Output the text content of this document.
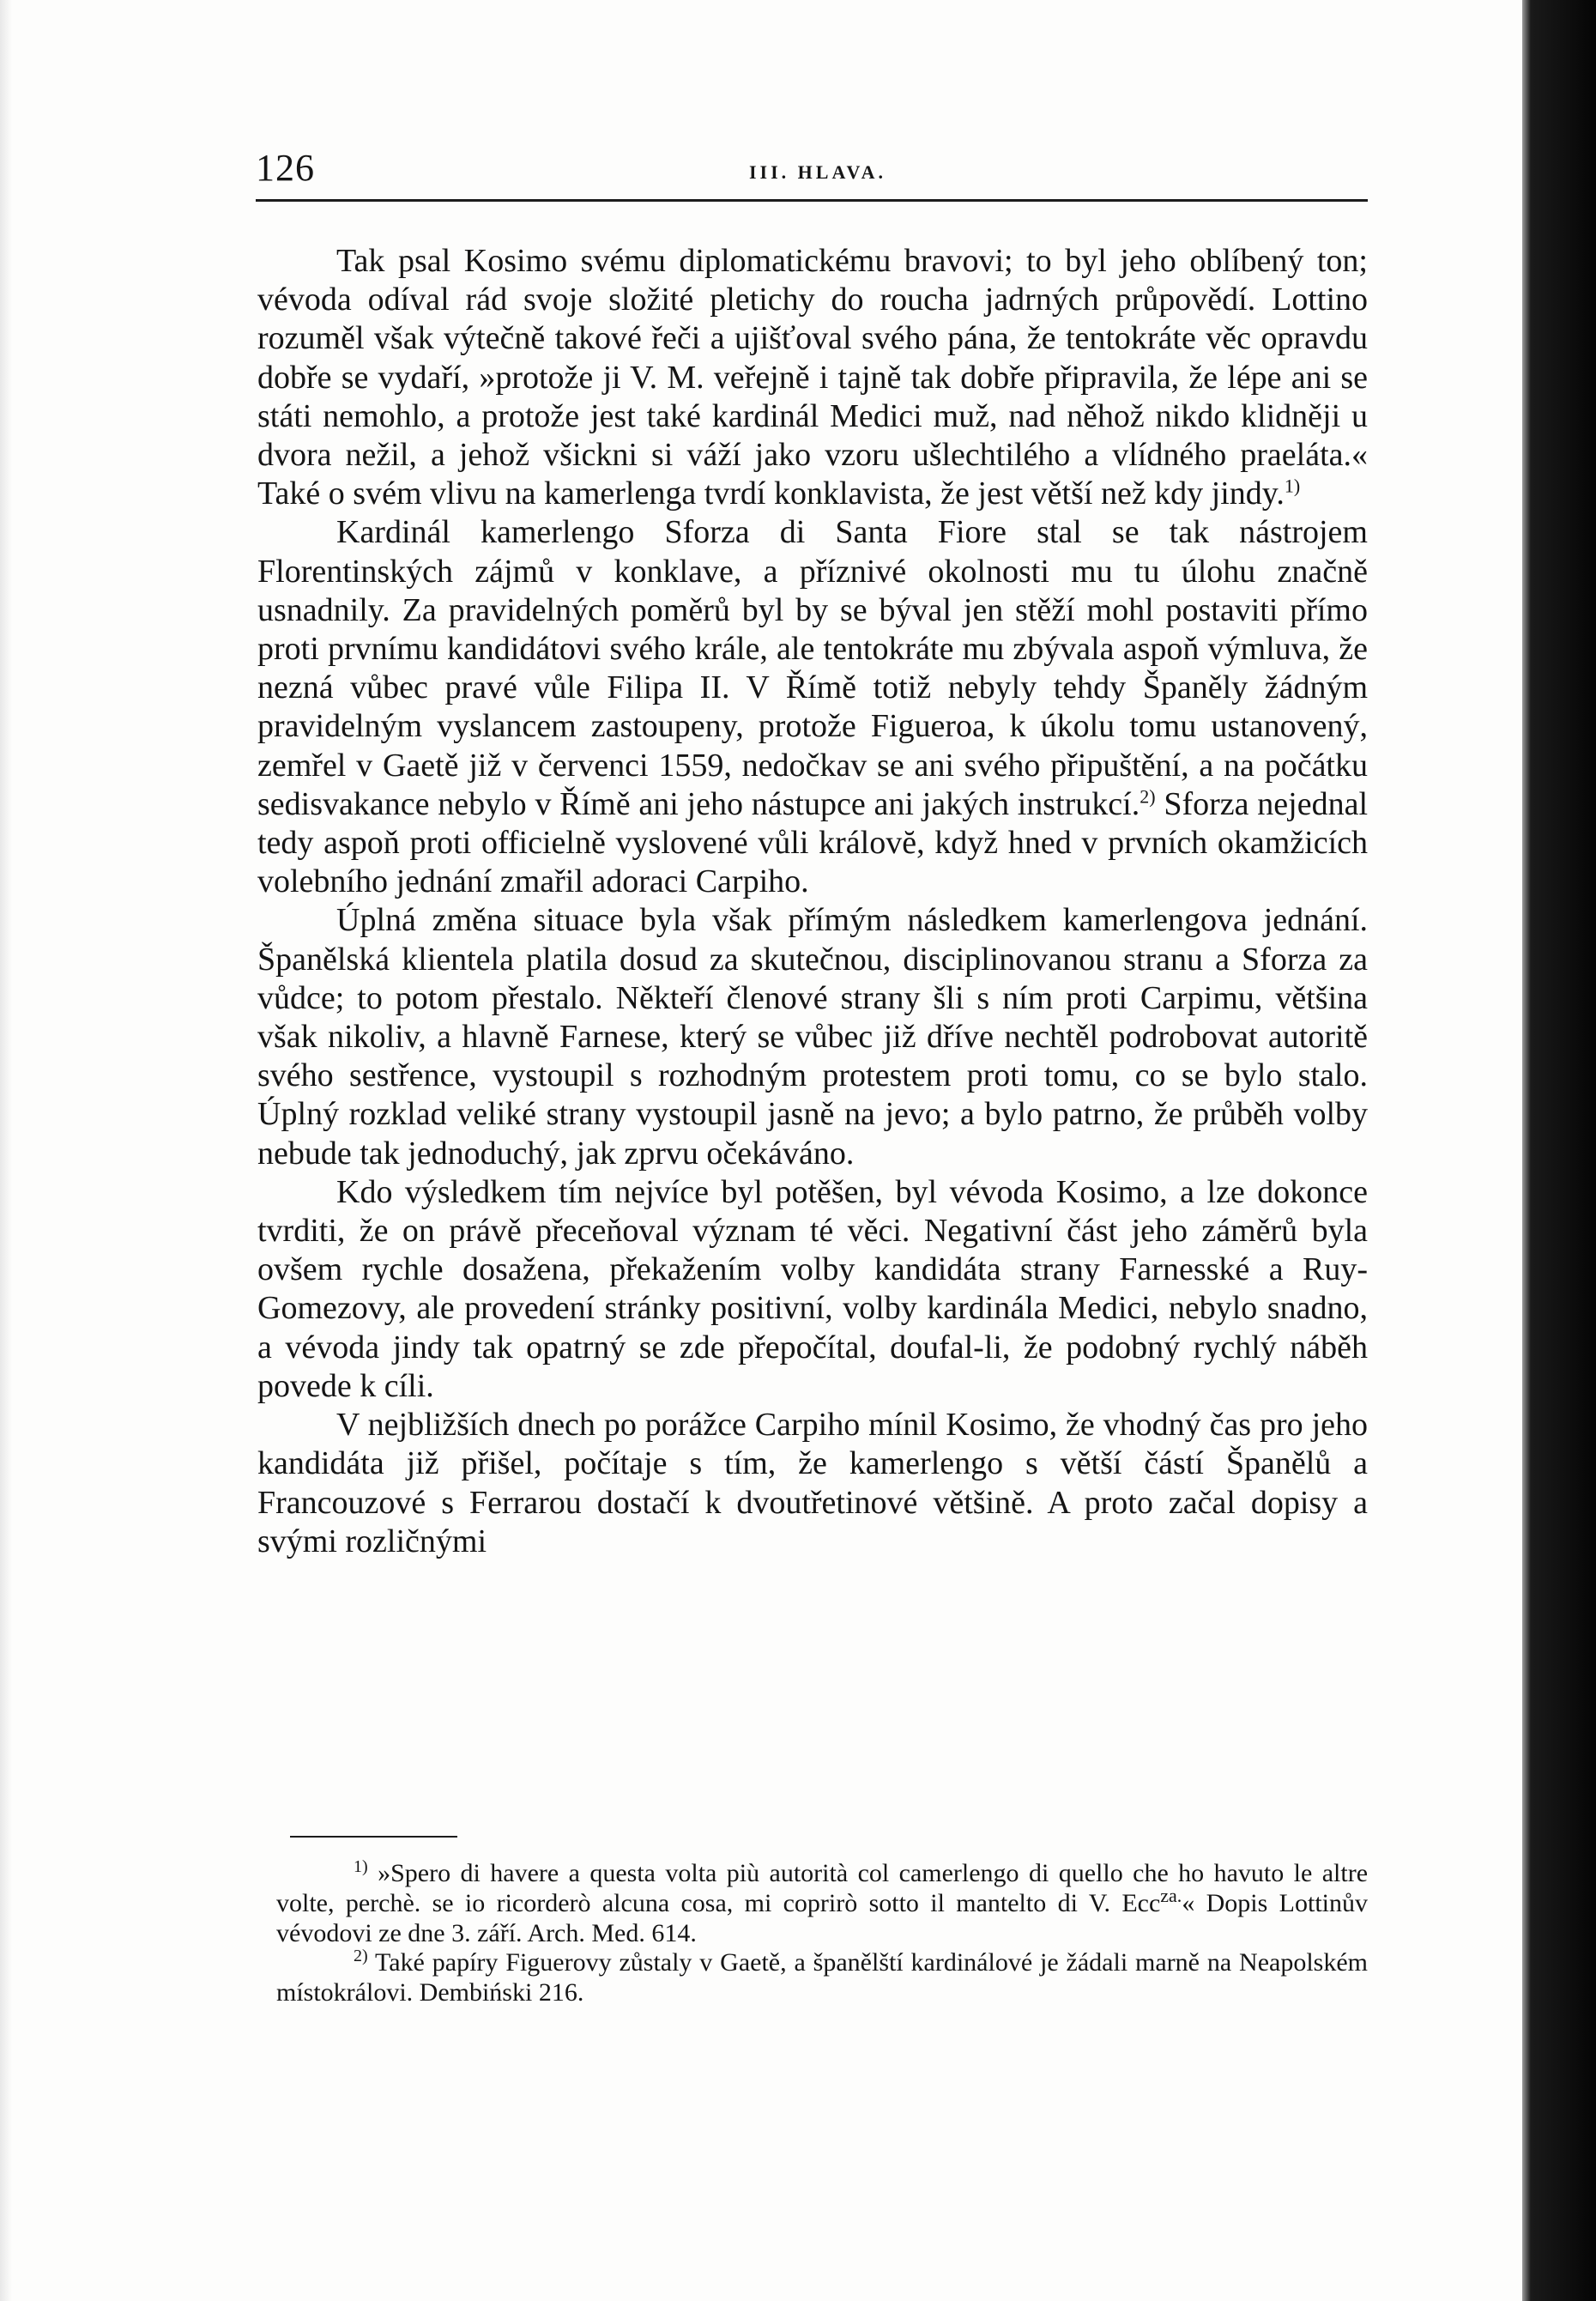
126	III. HLAVA.

Tak psal Kosimo svému diplomatickému bravovi; to byl jeho oblíbený ton; vévoda odíval rád svoje složité pletichy do roucha jadrných průpovědí. Lottino rozuměl však výtečně takové řeči a ujišťoval svého pána, že tentokráte věc opravdu dobře se vydaří, »protože ji V. M. veřejně i tajně tak dobře připravila, že lépe ani se státi nemohlo, a protože jest také kardinál Medici muž, nad něhož nikdo klidněji u dvora nežil, a jehož všickni si váží jako vzoru ušlechtilého a vlídného praeláta.« Také o svém vlivu na kamerlenga tvrdí konklavista, že jest větší než kdy jindy.$^{1)}$

Kardinál kamerlengo Sforza di Santa Fiore stal se tak nástrojem Florentinských zájmů v konklave, a příznivé okolnosti mu tu úlohu značně usnadnily. Za pravidelných poměrů byl by se býval jen stěží mohl postaviti přímo proti prvnímu kandidátovi svého krále, ale tentokráte mu zbývala aspoň výmluva, že nezná vůbec pravé vůle Filipa II. V Římě totiž nebyly tehdy Španěly žádným pravidelným vyslancem zastoupeny, protože Figueroa, k úkolu tomu ustanovený, zemřel v Gaetě již v červenci 1559, nedočkav se ani svého připuštění, a na počátku sedisvakance nebylo v Římě ani jeho nástupce ani jakých instrukcí.$^{2)}$ Sforza nejednal tedy aspoň proti officielně vyslovené vůli královĕ, když hned v prvních okamžicích volebního jednání zmařil adoraci Carpiho.

Úplná změna situace byla však přímým následkem kamerlengova jednání. Španělská klientela platila dosud za skutečnou, disciplinovanou stranu a Sforza za vůdce; to potom přestalo. Někteří členové strany šli s ním proti Carpimu, většina však nikoliv, a hlavně Farnese, který se vůbec již dříve nechtěl podrobovat autoritě svého sestřence, vystoupil s rozhodným protestem proti tomu, co se bylo stalo. Úplný rozklad veliké strany vystoupil jasně na jevo; a bylo patrno, že průběh volby nebude tak jednoduchý, jak zprvu očekáváno.

Kdo výsledkem tím nejvíce byl potěšen, byl vévoda Kosimo, a lze dokonce tvrditi, že on právě přeceňoval význam té věci. Negativní část jeho záměrů byla ovšem rychle dosažena, překažením volby kandidáta strany Farnesské a Ruy-Gomezovy, ale provedení stránky positivní, volby kardinála Medici, nebylo snadno, a vévoda jindy tak opatrný se zde přepočítal, doufal-li, že podobný rychlý náběh povede k cíli.

V nejbližších dnech po porážce Carpiho mínil Kosimo, že vhodný čas pro jeho kandidáta již přišel, počítaje s tím, že kamerlengo s větší částí Španělů a Francouzové s Ferrarou dostačí k dvoutřetinové většině. A proto začal dopisy a svými rozličnými

$^{1)}$ »Spero di havere a questa volta più autorità col camerlengo di quello che ho havuto le altre volte, perchè. se io ricorderò alcuna cosa, mi coprirò sotto il mantelto di V. Ecc$^{za.}$« Dopis Lottinův vévodovi ze dne 3. září. Arch. Med. 614.

$^{2)}$ Také papíry Figuerovy zůstaly v Gaetě, a španělští kardinálové je žádali marně na Neapolském místokrálovi. Dembiński 216.
